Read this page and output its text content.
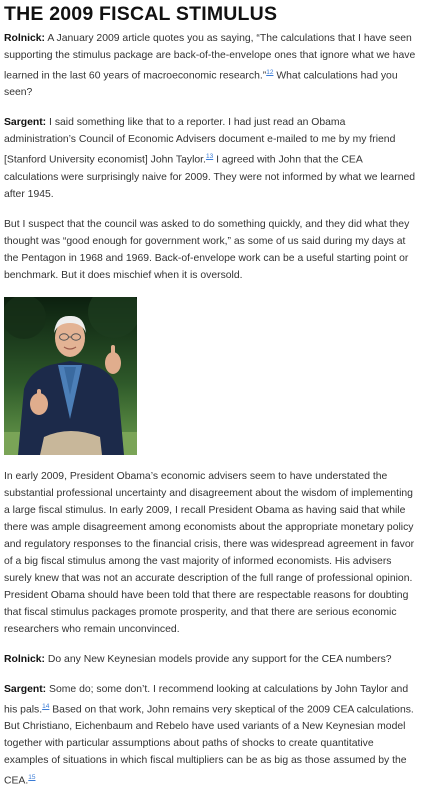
THE 2009 FISCAL STIMULUS

Rolnick: A January 2009 article quotes you as saying, “The calculations that I have seen supporting the stimulus package are back-of-the-envelope ones that ignore what we have learned in the last 60 years of macroeconomic research.”$^{12}$ What calculations had you seen?

Sargent: I said something like that to a reporter. I had just read an Obama administration’s Council of Economic Advisers document e-mailed to me by my friend [Stanford University economist] John Taylor.$^{13}$ I agreed with John that the CEA calculations were surprisingly naive for 2009. They were not informed by what we learned after 1945.

But I suspect that the council was asked to do something quickly, and they did what they thought was “good enough for government work,” as some of us said during my days at the Pentagon in 1968 and 1969. Back-of-envelope work can be a useful starting point or benchmark. But it does mischief when it is oversold.

In early 2009, President Obama’s economic advisers seem to have understated the substantial professional uncertainty and disagreement about the wisdom of implementing a large fiscal stimulus. In early 2009, I recall President Obama as having said that while there was ample disagreement among economists about the appropriate monetary policy and regulatory responses to the financial crisis, there was widespread agreement in favor of a big fiscal stimulus among the vast majority of informed economists. His advisers surely knew that was not an accurate description of the full range of professional opinion. President Obama should have been told that there are respectable reasons for doubting that fiscal stimulus packages promote prosperity, and that there are serious economic researchers who remain unconvinced.

Rolnick: Do any New Keynesian models provide any support for the CEA numbers?

Sargent: Some do; some don’t. I recommend looking at calculations by John Taylor and his pals.$^{14}$ Based on that work, John remains very skeptical of the 2009 CEA calculations. But Christiano, Eichenbaum and Rebelo have used variants of a New Keynesian model together with particular assumptions about paths of shocks to create quantitative examples of situations in which fiscal multipliers can be as big as those assumed by the CEA.$^{15}$
